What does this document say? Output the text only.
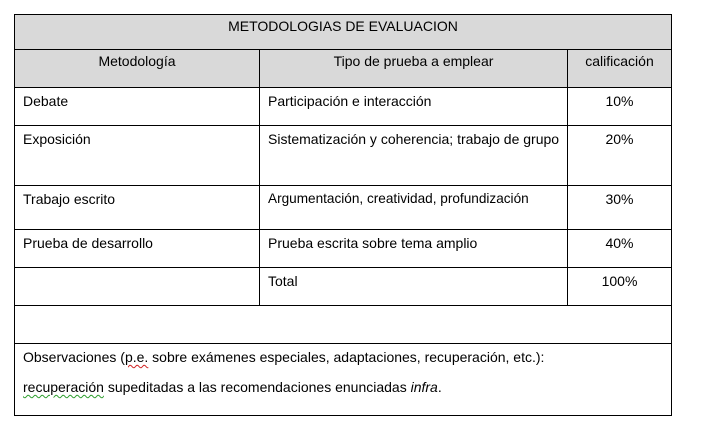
METODOLOGIAS DE EVALUACION		
Metodología	Tipo de prueba a emplear	calificación
Debate	Participación e interacción	10%
Exposición	Sistematización y coherencia; trabajo de grupo	20%
Trabajo escrito	Argumentación, creatividad, profundización	30%
Prueba de desarrollo	Prueba escrita sobre tema amplio	40%
	Total	100%

Observaciones (p.e. sobre exámenes especiales, adaptaciones, recuperación, etc.):
recuperación supeditadas a las recomendaciones enunciadas infra.		
